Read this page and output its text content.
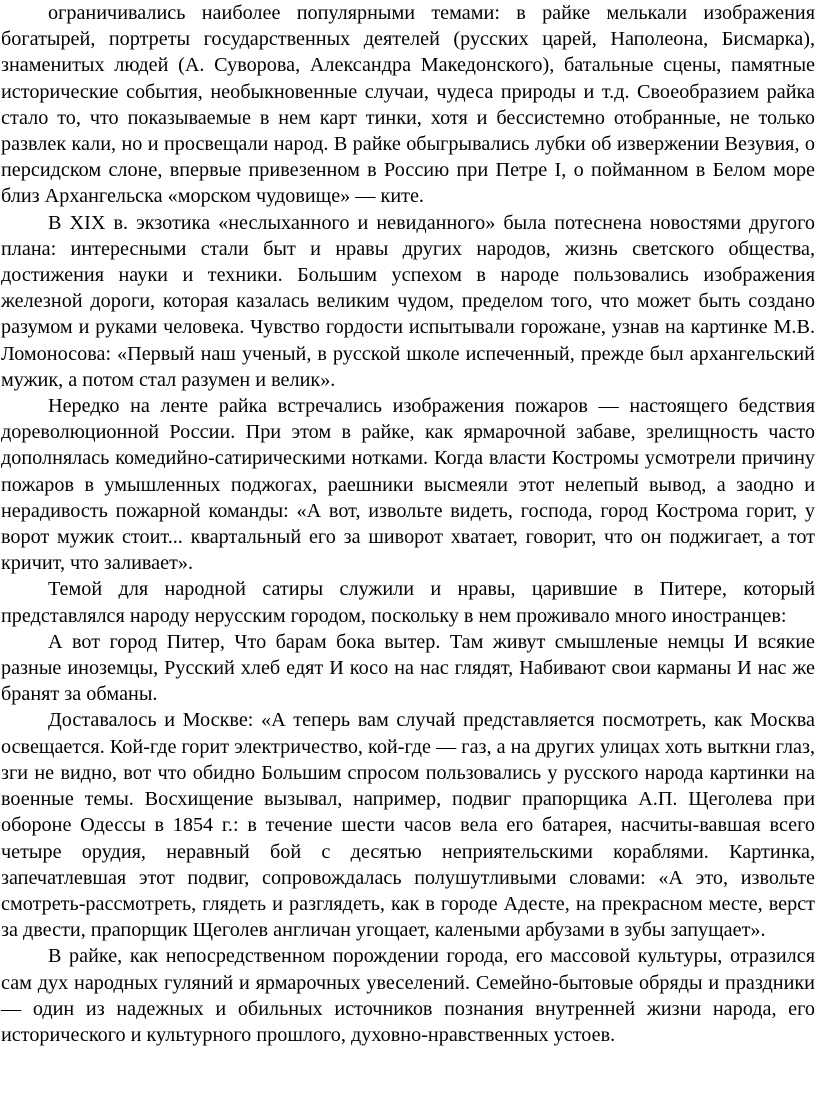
ограничивались наиболее популярными темами: в райке мелькали изображения богатырей, портреты государственных деятелей (русских царей, Наполеона, Бисмарка), знаменитых людей (А. Суворова, Александра Македонского), батальные сцены, памятные исторические события, необыкновенные случаи, чудеса природы и т.д. Своеобразием райка стало то, что показываемые в нем карт тинки, хотя и бессистемно отобранные, не только развлек кали, но и просвещали народ. В райке обыгрывались лубки об извержении Везувия, о персидском слоне, впервые привезенном в Россию при Петре I, о пойманном в Белом море близ Архангельска «морском чудовище» — ките.

В XIX в. экзотика «неслыханного и невиданного» была потеснена новостями другого плана: интересными стали быт и нравы других народов, жизнь светского общества, достижения науки и техники. Большим успехом в народе пользовались изображения железной дороги, которая казалась великим чудом, пределом того, что может быть создано разумом и руками человека. Чувство гордости испытывали горожане, узнав на картинке М.В. Ломоносова: «Первый наш ученый, в русской школе испеченный, прежде был архангельский мужик, а потом стал разумен и велик».

Нередко на ленте райка встречались изображения пожаров — настоящего бедствия дореволюционной России. При этом в райке, как ярмарочной забаве, зрелищность часто дополнялась комедийно-сатирическими нотками. Когда власти Костромы усмотрели причину пожаров в умышленных поджогах, раешники высмеяли этот нелепый вывод, а заодно и нерадивость пожарной команды: «А вот, извольте видеть, господа, город Кострома горит, у ворот мужик стоит... квартальный его за шиворот хватает, говорит, что он поджигает, а тот кричит, что заливает».

Темой для народной сатиры служили и нравы, царившие в Питере, который представлялся народу нерусским городом, поскольку в нем проживало много иностранцев:

А вот город Питер, Что барам бока вытер. Там живут смышленые немцы И всякие разные иноземцы, Русский хлеб едят И косо на нас глядят, Набивают свои карманы И нас же бранят за обманы.

Доставалось и Москве: «А теперь вам случай представляется посмотреть, как Москва освещается. Кой-где горит электричество, кой-где — газ, а на других улицах хоть выткни глаз, зги не видно, вот что обидно Большим спросом пользовались у русского народа картинки на военные темы. Восхищение вызывал, например, подвиг прапорщика А.П. Щеголева при обороне Одессы в 1854 г.: в течение шести часов вела его батарея, насчиты-вавшая всего четыре орудия, неравный бой с десятью неприятельскими кораблями. Картинка, запечатлевшая этот подвиг, сопровождалась полушутливыми словами: «А это, извольте смотреть-рассмотреть, глядеть и разглядеть, как в городе Адесте, на прекрасном месте, верст за двести, прапорщик Щеголев англичан угощает, калеными арбузами в зубы запущает».

В райке, как непосредственном порождении города, его массовой культуры, отразился сам дух народных гуляний и ярмарочных увеселений. Семейно-бытовые обряды и праздники — один из надежных и обильных источников познания внутренней жизни народа, его исторического и культурного прошлого, духовно-нравственных устоев.
